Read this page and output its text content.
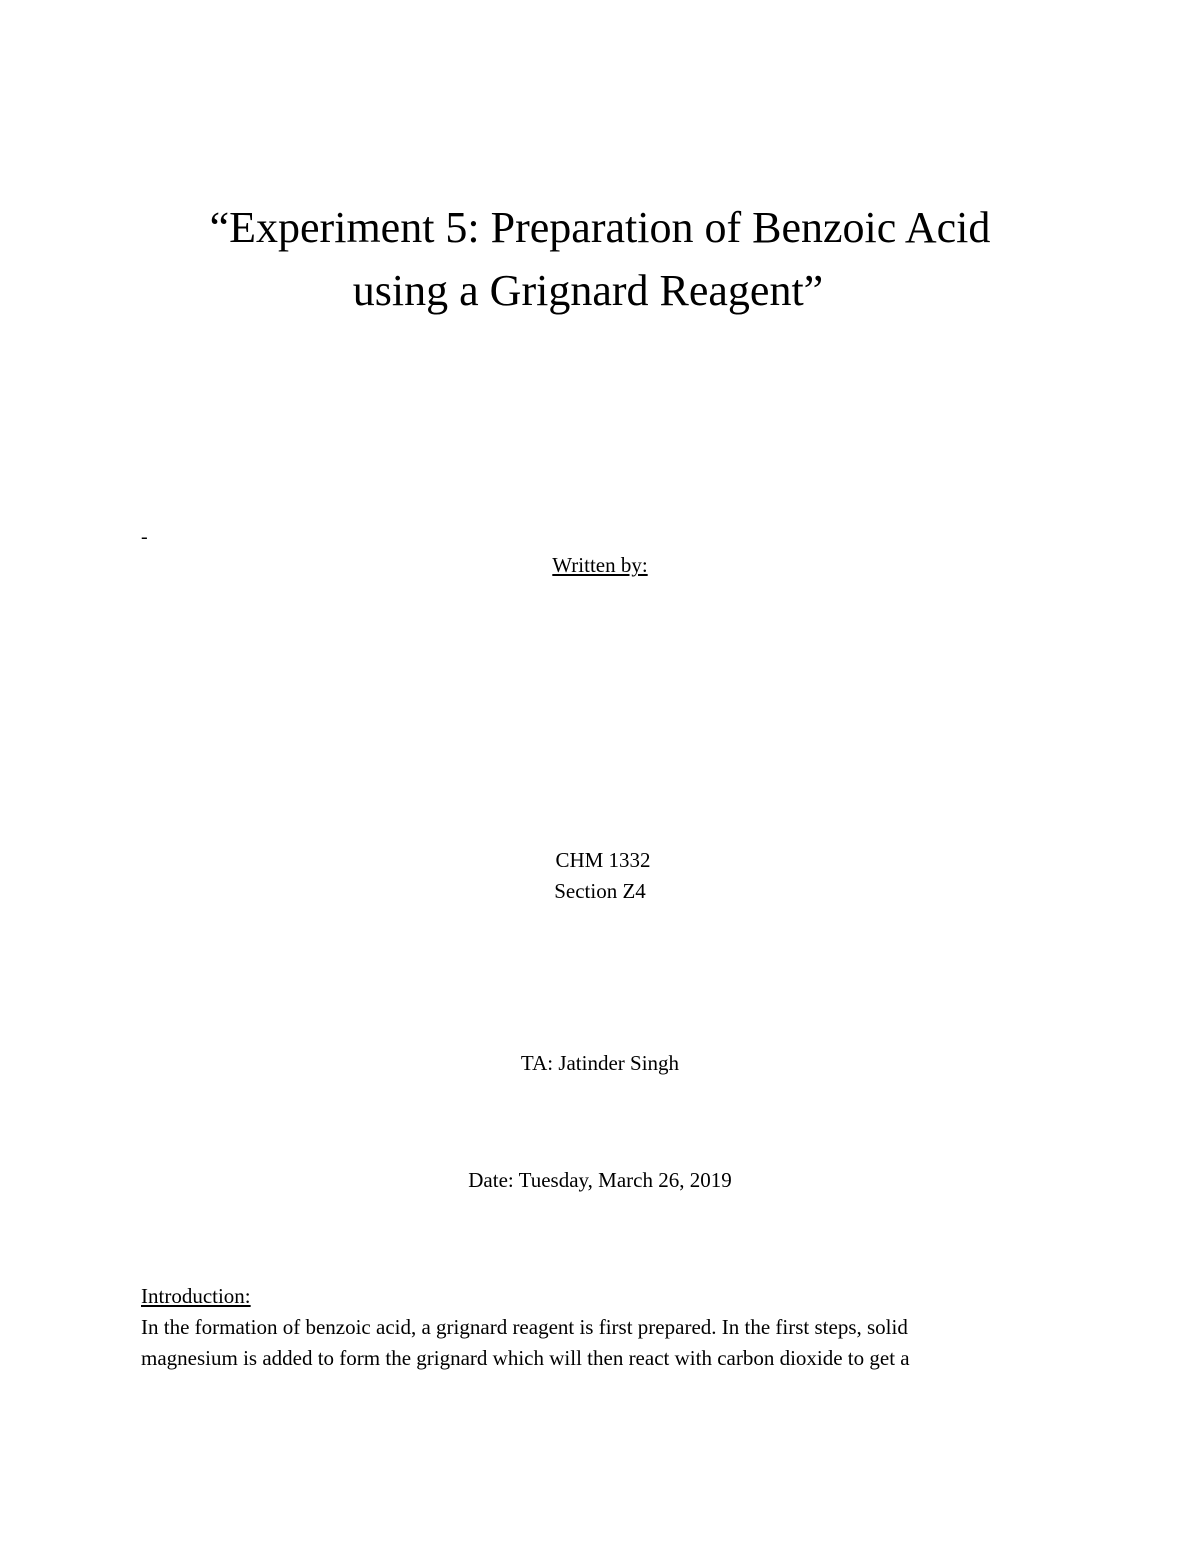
“Experiment 5: Preparation of Benzoic Acid
using a Grignard Reagent”
-
Written by:
CHM 1332
Section Z4
TA: Jatinder Singh
Date: Tuesday, March 26, 2019
Introduction:
In the formation of benzoic acid, a grignard reagent is first prepared. In the first steps, solid
magnesium is added to form the grignard which will then react with carbon dioxide to get a
